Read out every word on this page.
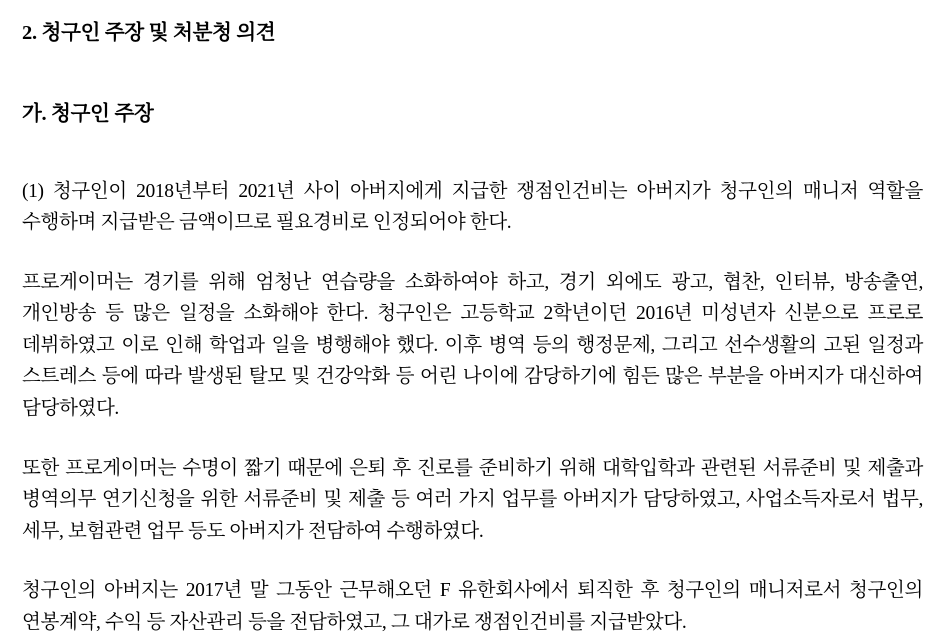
2. 청구인 주장 및 처분청 의견
가. 청구인 주장

(1) 청구인이 2018년부터 2021년 사이 아버지에게 지급한 쟁점인건비는 아버지가 청구인의 매니저 역할을 수행하며 지급받은 금액이므로 필요경비로 인정되어야 한다.

프로게이머는 경기를 위해 엄청난 연습량을 소화하여야 하고, 경기 외에도 광고, 협찬, 인터뷰, 방송출연, 개인방송 등 많은 일정을 소화해야 한다. 청구인은 고등학교 2학년이던 2016년 미성년자 신분으로 프로로 데뷔하였고 이로 인해 학업과 일을 병행해야 했다. 이후 병역 등의 행정문제, 그리고 선수생활의 고된 일정과 스트레스 등에 따라 발생된 탈모 및 건강악화 등 어린 나이에 감당하기에 힘든 많은 부분을 아버지가 대신하여 담당하였다.

또한 프로게이머는 수명이 짧기 때문에 은퇴 후 진로를 준비하기 위해 대학입학과 관련된 서류준비 및 제출과 병역의무 연기신청을 위한 서류준비 및 제출 등 여러 가지 업무를 아버지가 담당하였고, 사업소득자로서 법무, 세무, 보험관련 업무 등도 아버지가 전담하여 수행하였다.

청구인의 아버지는 2017년 말 그동안 근무해오던 F 유한회사에서 퇴직한 후 청구인의 매니저로서 청구인의 연봉계약, 수익 등 자산관리 등을 전담하였고, 그 대가로 쟁점인건비를 지급받았다.
